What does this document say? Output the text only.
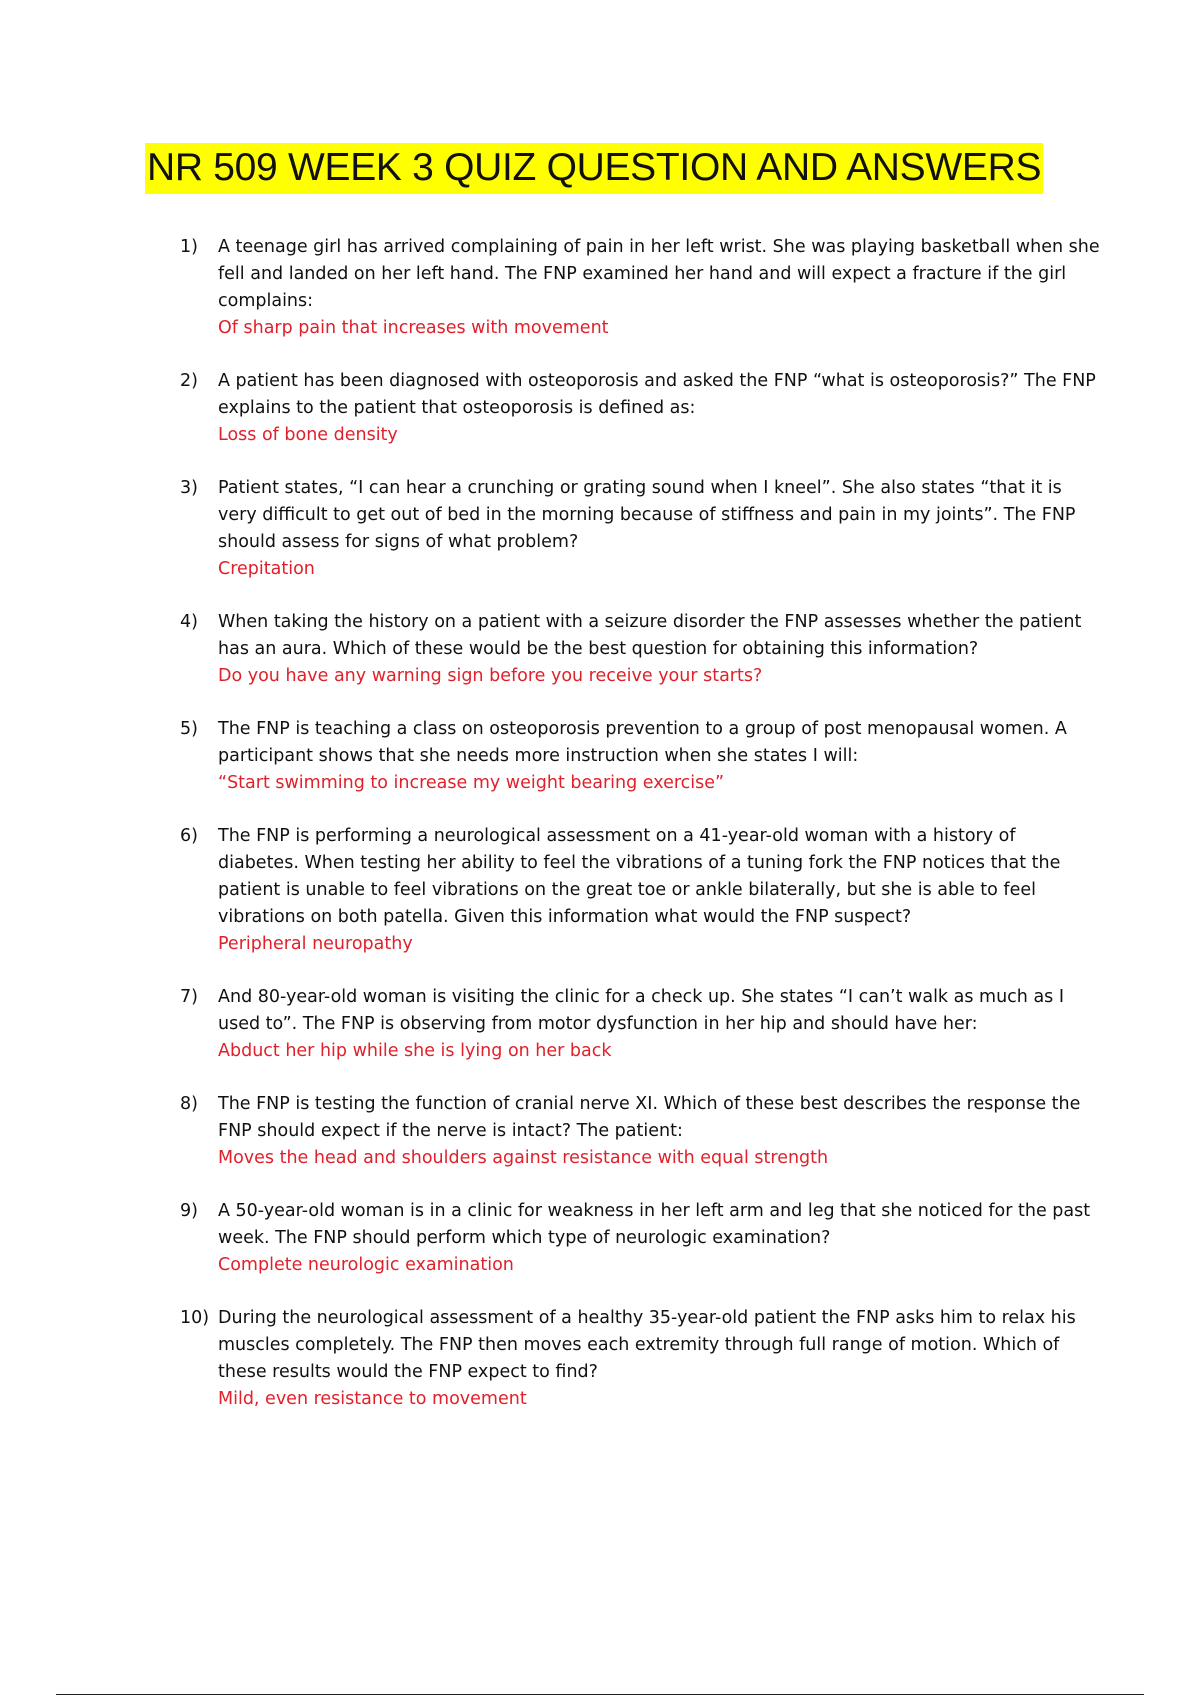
NR 509 WEEK 3 QUIZ QUESTION AND ANSWERS
1)	A teenage girl has arrived complaining of pain in her left wrist. She was playing basketball when she fell and landed on her left hand. The FNP examined her hand and will expect a fracture if the girl complains:
Of sharp pain that increases with movement
2)	A patient has been diagnosed with osteoporosis and asked the FNP “what is osteoporosis?” The FNP explains to the patient that osteoporosis is defined as:
Loss of bone density
3)	Patient states, “I can hear a crunching or grating sound when I kneel”. She also states “that it is very difficult to get out of bed in the morning because of stiffness and pain in my joints”. The FNP should assess for signs of what problem?
Crepitation
4)	When taking the history on a patient with a seizure disorder the FNP assesses whether the patient has an aura. Which of these would be the best question for obtaining this information?
Do you have any warning sign before you receive your starts?
5)	The FNP is teaching a class on osteoporosis prevention to a group of post menopausal women. A participant shows that she needs more instruction when she states I will:
“Start swimming to increase my weight bearing exercise”
6)	The FNP is performing a neurological assessment on a 41-year-old woman with a history of diabetes. When testing her ability to feel the vibrations of a tuning fork the FNP notices that the patient is unable to feel vibrations on the great toe or ankle bilaterally, but she is able to feel vibrations on both patella. Given this information what would the FNP suspect?
Peripheral neuropathy
7)	And 80-year-old woman is visiting the clinic for a check up. She states “I can’t walk as much as I used to”. The FNP is observing from motor dysfunction in her hip and should have her:
Abduct her hip while she is lying on her back
8)	The FNP is testing the function of cranial nerve XI. Which of these best describes the response the FNP should expect if the nerve is intact? The patient:
Moves the head and shoulders against resistance with equal strength
9)	A 50-year-old woman is in a clinic for weakness in her left arm and leg that she noticed for the past week. The FNP should perform which type of neurologic examination?
Complete neurologic examination
10) During the neurological assessment of a healthy 35-year-old patient the FNP asks him to relax his muscles completely. The FNP then moves each extremity through full range of motion. Which of these results would the FNP expect to find?
Mild, even resistance to movement
